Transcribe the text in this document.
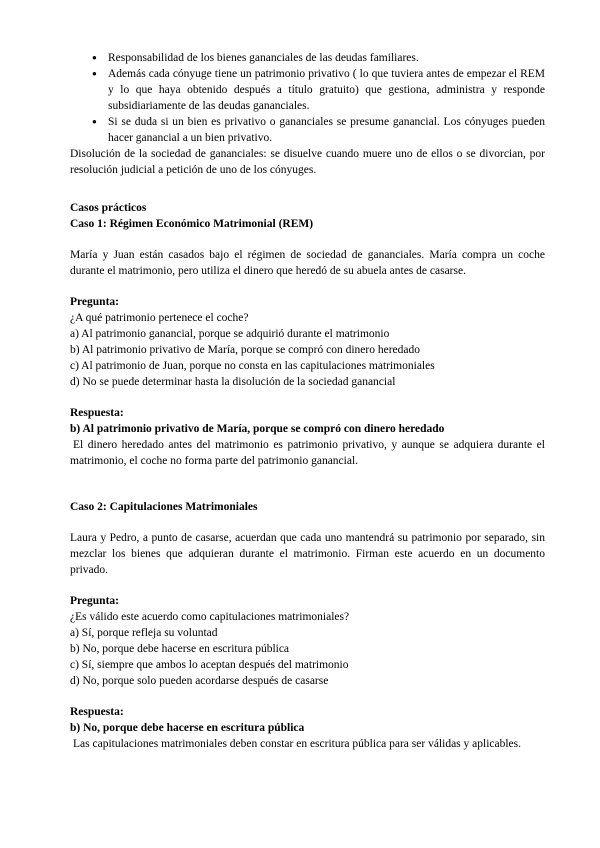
● Responsabilidad de los bienes gananciales de las deudas familiares.
● Además cada cónyuge tiene un patrimonio privativo ( lo que tuviera antes de empezar el REM y lo que haya obtenido después a título gratuito) que gestiona, administra y responde subsidiariamente de las deudas gananciales.
● Si se duda si un bien es privativo o gananciales se presume ganancial. Los cónyuges pueden hacer ganancial a un bien privativo.

Disolución de la sociedad de gananciales: se disuelve cuando muere uno de ellos o se divorcian, por resolución judicial a petición de uno de los cónyuges.

Casos prácticos

Caso 1: Régimen Económico Matrimonial (REM)

María y Juan están casados bajo el régimen de sociedad de gananciales. María compra un coche durante el matrimonio, pero utiliza el dinero que heredó de su abuela antes de casarse.

Pregunta:

¿A qué patrimonio pertenece el coche?

a) Al patrimonio ganancial, porque se adquirió durante el matrimonio

b) Al patrimonio privativo de María, porque se compró con dinero heredado

c) Al patrimonio de Juan, porque no consta en las capitulaciones matrimoniales

d) No se puede determinar hasta la disolución de la sociedad ganancial

Respuesta:

b) Al patrimonio privativo de María, porque se compró con dinero heredado

El dinero heredado antes del matrimonio es patrimonio privativo, y aunque se adquiera durante el matrimonio, el coche no forma parte del patrimonio ganancial.

Caso 2: Capitulaciones Matrimoniales

Laura y Pedro, a punto de casarse, acuerdan que cada uno mantendrá su patrimonio por separado, sin mezclar los bienes que adquieran durante el matrimonio. Firman este acuerdo en un documento privado.

Pregunta:

¿Es válido este acuerdo como capitulaciones matrimoniales?

a) Sí, porque refleja su voluntad

b) No, porque debe hacerse en escritura pública

c) Sí, siempre que ambos lo aceptan después del matrimonio

d) No, porque solo pueden acordarse después de casarse

Respuesta:

b) No, porque debe hacerse en escritura pública

Las capitulaciones matrimoniales deben constar en escritura pública para ser válidas y aplicables.
